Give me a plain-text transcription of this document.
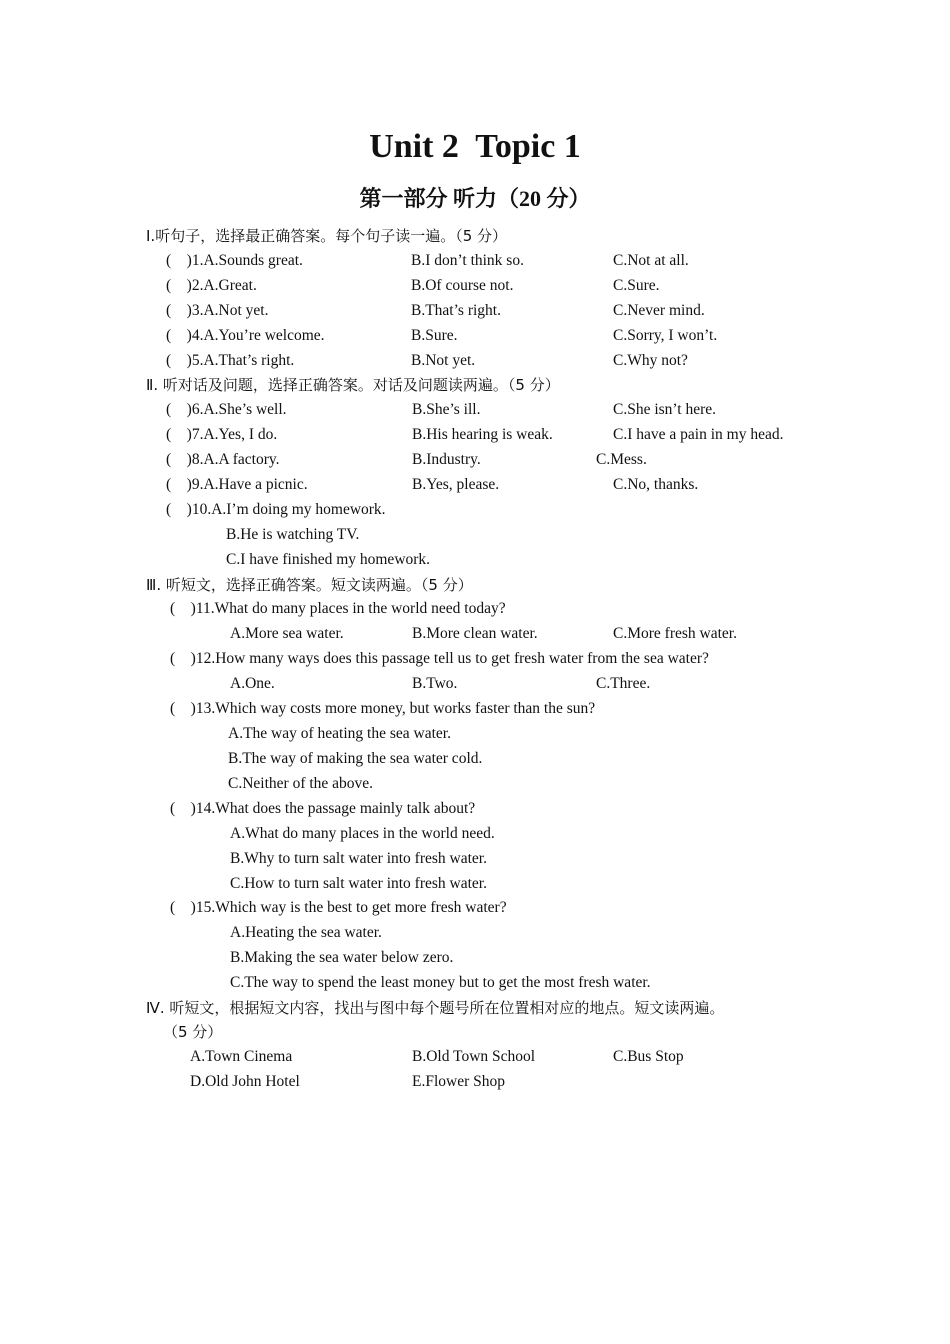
Unit 2  Topic 1
第一部分 听力（20 分）
Ⅰ.听句子，选择最正确答案。每个句子读一遍。（5 分）
(    )1.A.Sounds great.	B.I don’t think so.	C.Not at all.
(    )2.A.Great.	B.Of course not.	C.Sure.
(    )3.A.Not yet.	B.That’s right.	C.Never mind.
(    )4.A.You’re welcome.	B.Sure.	C.Sorry, I won’t.
(    )5.A.That’s right.	B.Not yet.	C.Why not?
Ⅱ. 听对话及问题，选择正确答案。对话及问题读两遍。（5 分）
(    )6.A.She’s well.	B.She’s ill.	C.She isn’t here.
(    )7.A.Yes, I do.	B.His hearing is weak.	C.I have a pain in my head.
(    )8.A.A factory.	B.Industry.	C.Mess.
(    )9.A.Have a picnic.	B.Yes, please.	C.No, thanks.
(    )10.A.I’m doing my homework.
B.He is watching TV.
C.I have finished my homework.
Ⅲ. 听短文，选择正确答案。短文读两遍。（5 分）
(    )11.What do many places in the world need today?
A.More sea water.	B.More clean water.	C.More fresh water.
(    )12.How many ways does this passage tell us to get fresh water from the sea water?
A.One.	B.Two.	C.Three.
(    )13.Which way costs more money, but works faster than the sun?
A.The way of heating the sea water.
B.The way of making the sea water cold.
C.Neither of the above.
(    )14.What does the passage mainly talk about?
A.What do many places in the world need.
B.Why to turn salt water into fresh water.
C.How to turn salt water into fresh water.
(    )15.Which way is the best to get more fresh water?
A.Heating the sea water.
B.Making the sea water below zero.
C.The way to spend the least money but to get the most fresh water.
Ⅳ. 听短文，根据短文内容，找出与图中每个题号所在位置相对应的地点。短文读两遍。
（5 分）
A.Town Cinema	B.Old Town School	C.Bus Stop
D.Old John Hotel	E.Flower Shop
